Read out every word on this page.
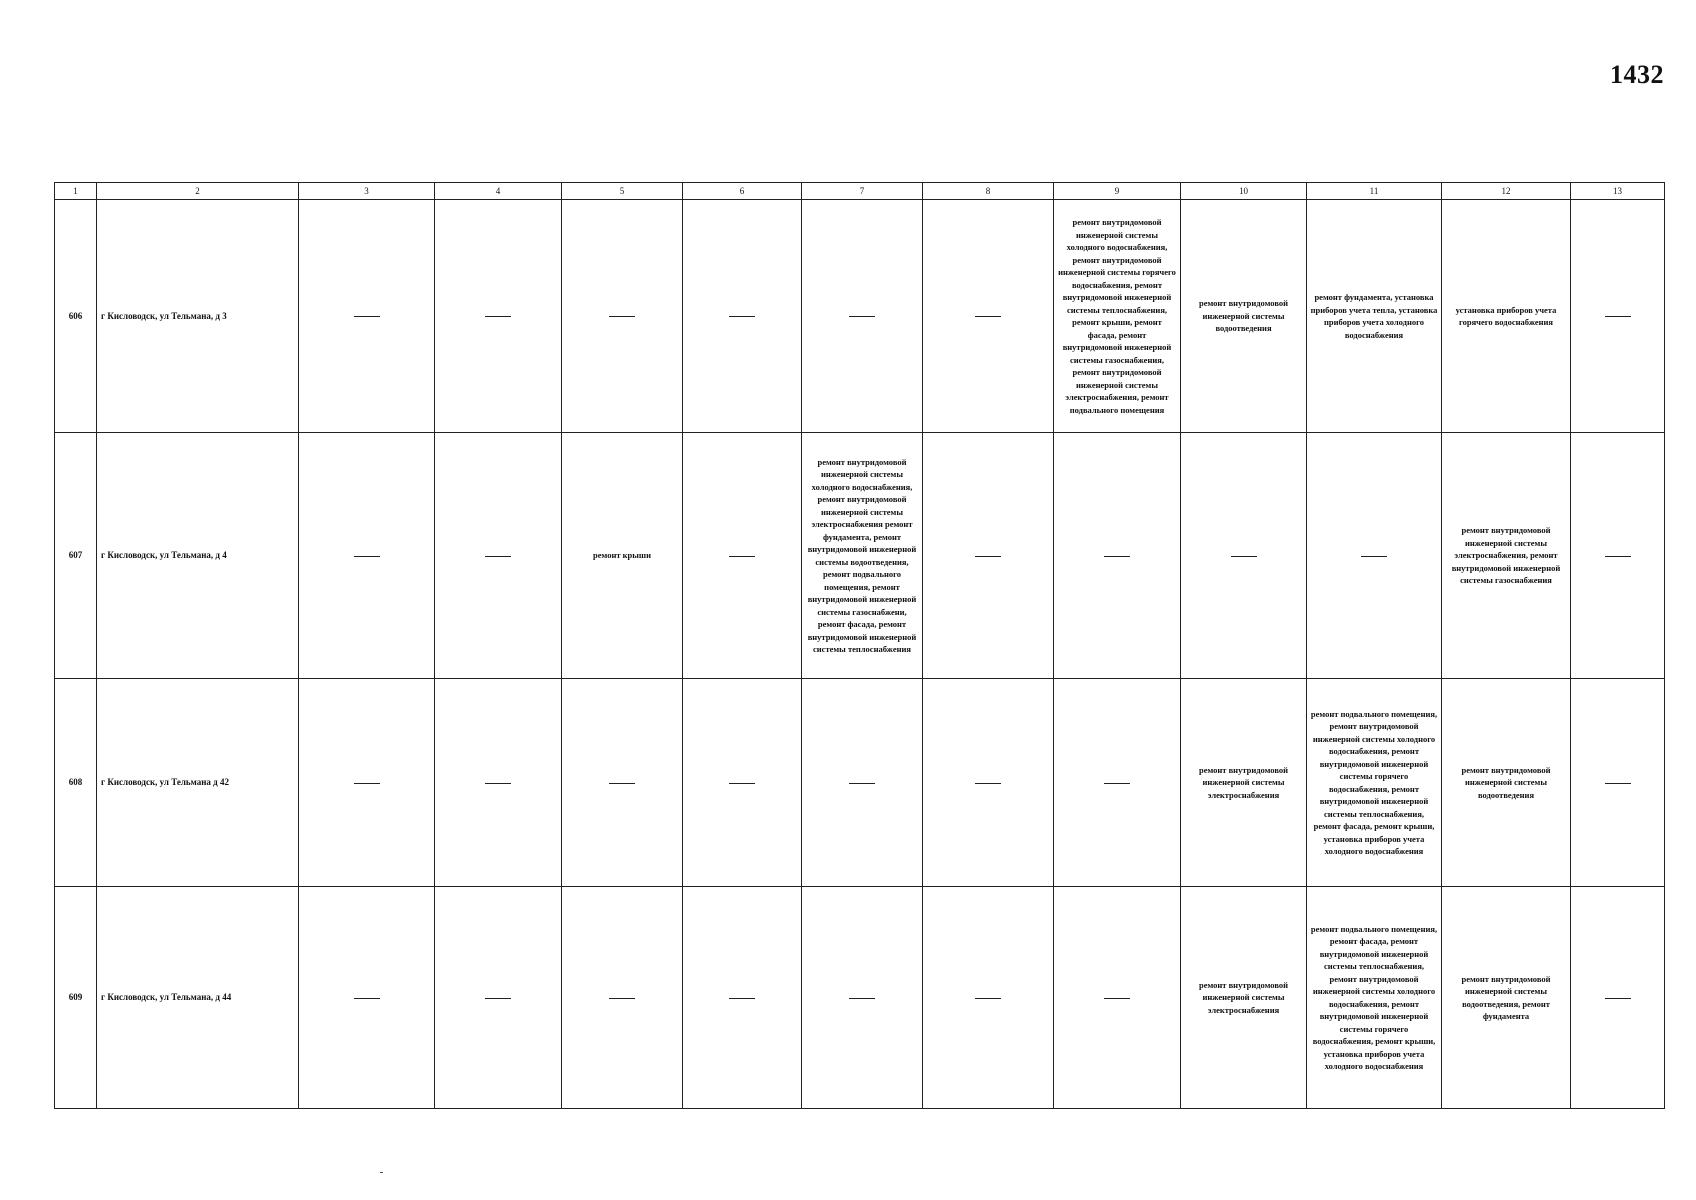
1432
1	2	3	4	5	6	7	8	9	10	11	12	13
606	г Кисловодск, ул Тельмана, д 3							ремонт внутридомовой инженерной системы холодного водоснабжения, ремонт внутридомовой инженерной системы горячего водоснабжения, ремонт внутридомовой инженерной системы теплоснабжения, ремонт крыши, ремонт фасада, ремонт внутридомовой инженерной системы газоснабжения, ремонт внутридомовой инженерной системы электроснабжения, ремонт подвального помещения	ремонт внутридомовой инженерной системы водоотведения	ремонт фундамента, установка приборов учета тепла, установка приборов учета холодного водоснабжения	установка приборов учета горячего водоснабжения	
607	г Кисловодск, ул Тельмана, д 4			ремонт крыши		ремонт внутридомовой инженерной системы холодного водоснабжения, ремонт внутридомовой инженерной системы электроснабжения ремонт фундамента, ремонт внутридомовой инженерной системы водоотведения, ремонт подвального помещения, ремонт внутридомовой инженерной системы газоснабжени, ремонт фасада, ремонт внутридомовой инженерной системы теплоснабжения					ремонт внутридомовой инженерной системы электроснабжения, ремонт внутридомовой инженерной системы газоснабжения	
608	г Кисловодск, ул Тельмана д 42								ремонт внутридомовой инженерной системы электроснабжения	ремонт подвального помещения, ремонт внутридомовой инженерной системы холодного водоснабжения, ремонт внутридомовой инженерной системы горячего водоснабжения, ремонт внутридомовой инженерной системы теплоснабжения, ремонт фасада, ремонт крыши, установка приборов учета холодного водоснабжения	ремонт внутридомовой инженерной системы водоотведения	
609	г Кисловодск, ул Тельмана, д 44								ремонт внутридомовой инженерной системы электроснабжения	ремонт подвального помещения, ремонт фасада, ремонт внутридомовой инженерной системы теплоснабжения, ремонт внутридомовой инженерной системы холодного водоснабжения, ремонт внутридомовой инженерной системы горячего водоснабжения, ремонт крыши, установка приборов учета холодного водоснабжения	ремонт внутридомовой инженерной системы водоотведения, ремонт фундамента	
